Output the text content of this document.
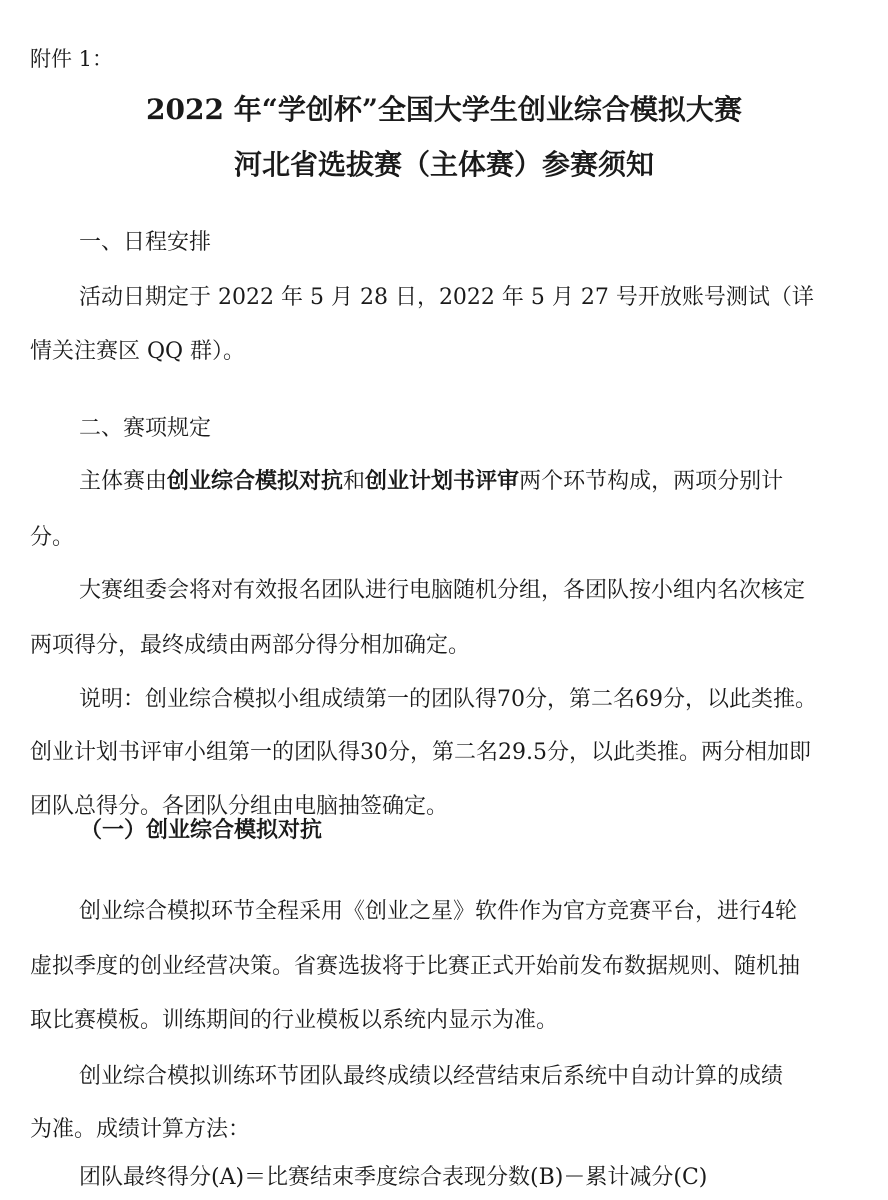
附件 1：
2022 年“学创杯”全国大学生创业综合模拟大赛
河北省选拔赛（主体赛）参赛须知
一、日程安排
活动日期定于 2022 年 5 月 28 日，2022 年 5 月 27 号开放账号测试（详
情关注赛区 QQ 群）。
二、赛项规定
主体赛由创业综合模拟对抗和创业计划书评审两个环节构成，两项分别计
分。
大赛组委会将对有效报名团队进行电脑随机分组，各团队按小组内名次核定
两项得分，最终成绩由两部分得分相加确定。
说明：创业综合模拟小组成绩第一的团队得70分，第二名69分，以此类推。
创业计划书评审小组第一的团队得30分，第二名29.5分，以此类推。两分相加即
团队总得分。各团队分组由电脑抽签确定。
（一）创业综合模拟对抗
创业综合模拟环节全程采用《创业之星》软件作为官方竞赛平台，进行4轮
虚拟季度的创业经营决策。省赛选拔将于比赛正式开始前发布数据规则、随机抽
取比赛模板。训练期间的行业模板以系统内显示为准。
创业综合模拟训练环节团队最终成绩以经营结束后系统中自动计算的成绩
为准。成绩计算方法：
团队最终得分(A)＝比赛结束季度综合表现分数(B)－累计减分(C)
